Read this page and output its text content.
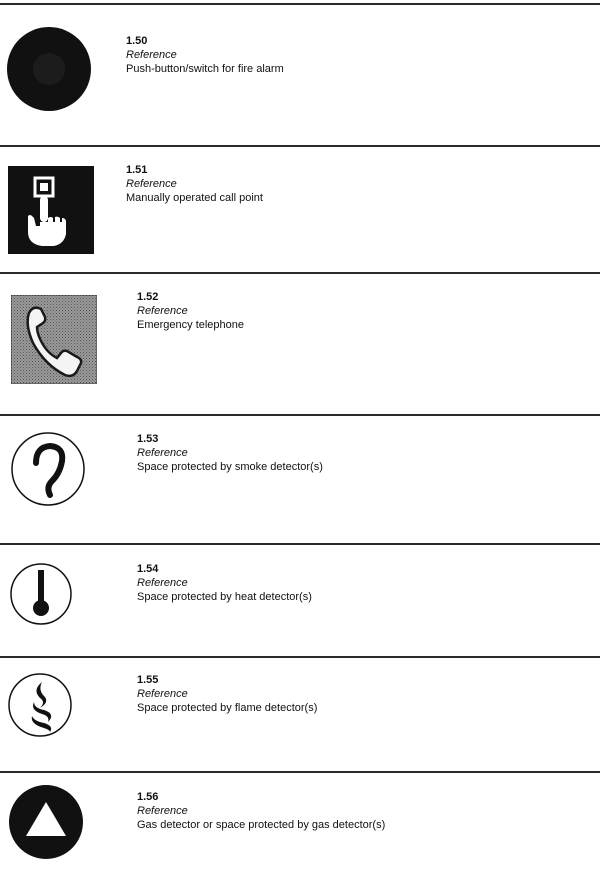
1.50
Reference
Push-button/switch for fire alarm
1.51
Reference
Manually operated call point
1.52
Reference
Emergency telephone
1.53
Reference
Space protected by smoke detector(s)
1.54
Reference
Space protected by heat detector(s)
1.55
Reference
Space protected by flame detector(s)
1.56
Reference
Gas detector or space protected by gas detector(s)
